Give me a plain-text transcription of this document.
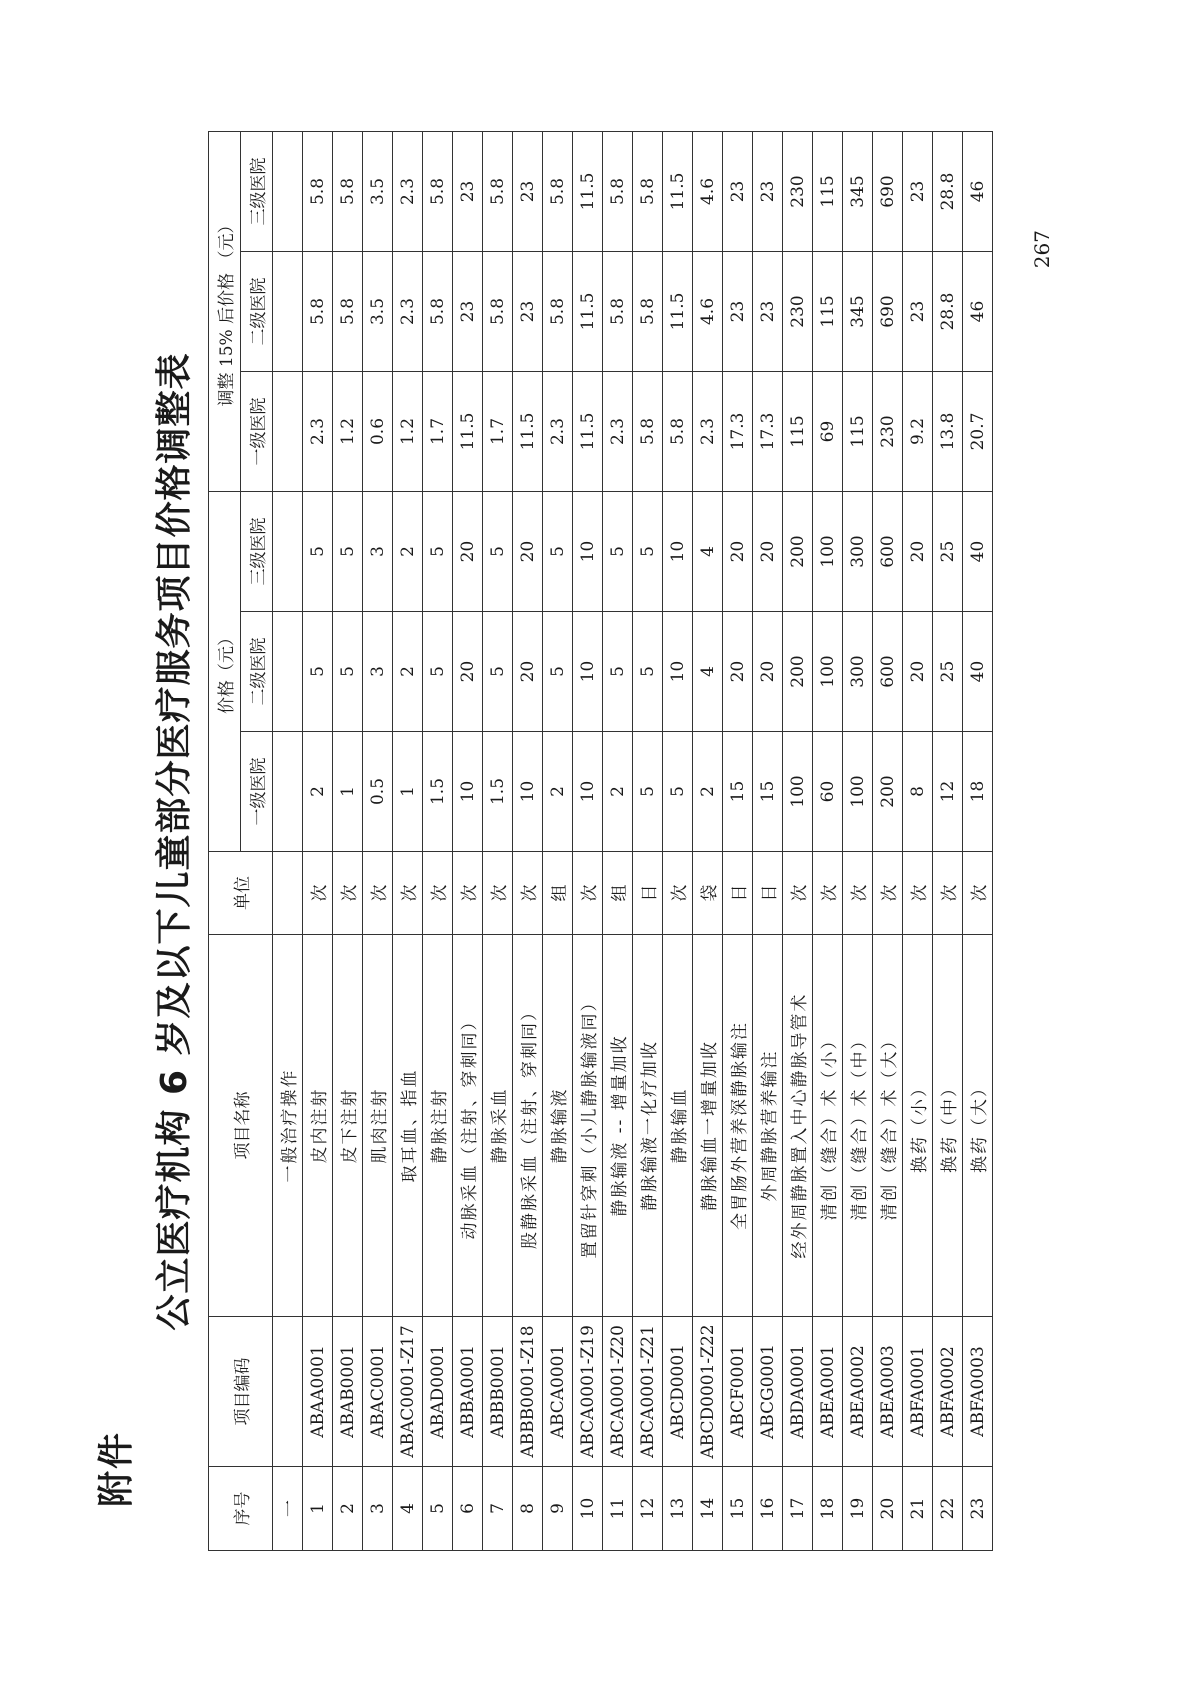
附件
公立医疗机构 6 岁及以下儿童部分医疗服务项目价格调整表
序号	项目编码	项目名称	单位	价格（元）			调整 15% 后价格 （元）		
				一级医院	二级医院	三级医院	一级医院	二级医院	三级医院
一		一般治疗操作							
1	ABAA0001	皮内注射	次	2	5	5	2.3	5.8	5.8
2	ABAB0001	皮下注射	次	1	5	5	1.2	5.8	5.8
3	ABAC0001	肌肉注射	次	0.5	3	3	0.6	3.5	3.5
4	ABAC0001-Z17	取耳血、指血	次	1	2	2	1.2	2.3	2.3
5	ABAD0001	静脉注射	次	1.5	5	5	1.7	5.8	5.8
6	ABBA0001	动脉采血（注射、穿刺同）	次	10	20	20	11.5	23	23
7	ABBB0001	静脉采血	次	1.5	5	5	1.7	5.8	5.8
8	ABBB0001-Z18	股静脉采血（注射、穿刺同）	次	10	20	20	11.5	23	23
9	ABCA0001	静脉输液	组	2	5	5	2.3	5.8	5.8
10	ABCA0001-Z19	置留针穿刺（小儿静脉输液同）	次	10	10	10	11.5	11.5	11.5
11	ABCA0001-Z20	静脉输液 -- 增量加收	组	2	5	5	2.3	5.8	5.8
12	ABCA0001-Z21	静脉输液一化疗加收	日	5	5	5	5.8	5.8	5.8
13	ABCD0001	静脉输血	次	5	10	10	5.8	11.5	11.5
14	ABCD0001-Z22	静脉输血一增量加收	袋	2	4	4	2.3	4.6	4.6
15	ABCF0001	全胃肠外营养深静脉输注	日	15	20	20	17.3	23	23
16	ABCG0001	外周静脉营养输注	日	15	20	20	17.3	23	23
17	ABDA0001	经外周静脉置入中心静脉导管术	次	100	200	200	115	230	230
18	ABEA0001	清创（缝合）术（小）	次	60	100	100	69	115	115
19	ABEA0002	清创（缝合）术（中）	次	100	300	300	115	345	345
20	ABEA0003	清创（缝合）术（大）	次	200	600	600	230	690	690
21	ABFA0001	换药（小）	次	8	20	20	9.2	23	23
22	ABFA0002	换药（中）	次	12	25	25	13.8	28.8	28.8
23	ABFA0003	换药（大）	次	18	40	40	20.7	46	46
267
